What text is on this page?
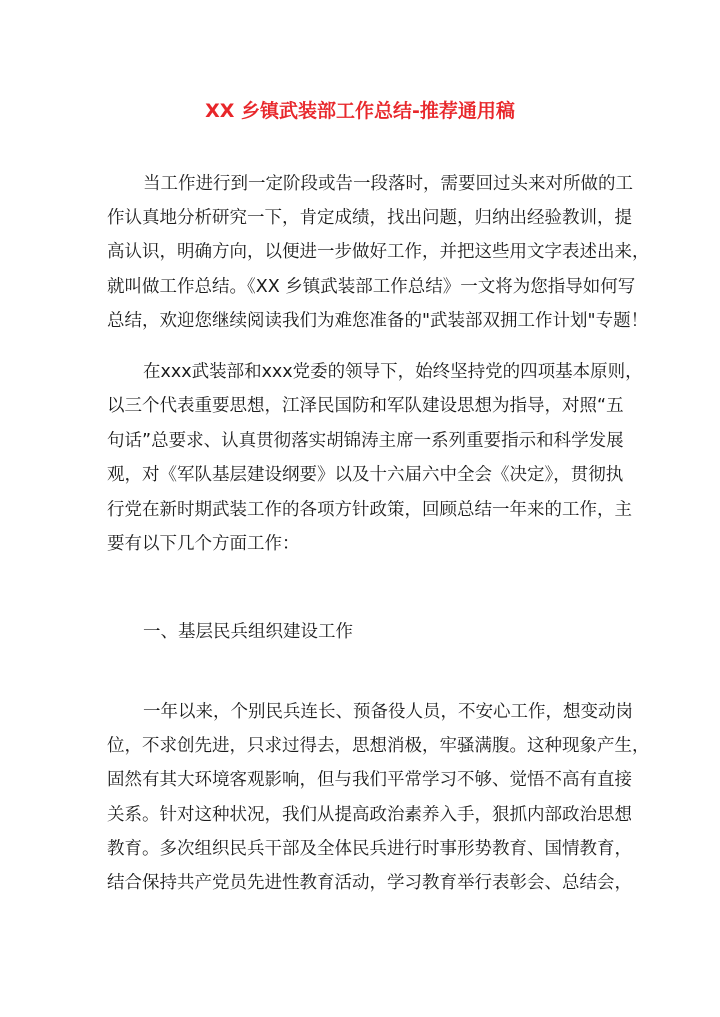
XX 乡镇武装部工作总结-推荐通用稿
当工作进行到一定阶段或告一段落时，需要回过头来对所做的工
作认真地分析研究一下，肯定成绩，找出问题，归纳出经验教训，提
高认识，明确方向，以便进一步做好工作，并把这些用文字表述出来，
就叫做工作总结。《XX 乡镇武装部工作总结》一文将为您指导如何写
总结，欢迎您继续阅读我们为难您准备的"武装部双拥工作计划"专题！
在xxx武装部和xxx党委的领导下，始终坚持党的四项基本原则，
以三个代表重要思想，江泽民国防和军队建设思想为指导，对照“五
句话”总要求、认真贯彻落实胡锦涛主席一系列重要指示和科学发展
观，对《军队基层建设纲要》以及十六届六中全会《决定》，贯彻执
行党在新时期武装工作的各项方针政策，回顾总结一年来的工作，主
要有以下几个方面工作：
一、基层民兵组织建设工作
一年以来，个别民兵连长、预备役人员，不安心工作，想变动岗
位，不求创先进，只求过得去，思想消极，牢骚满腹。这种现象产生，
固然有其大环境客观影响，但与我们平常学习不够、觉悟不高有直接
关系。针对这种状况，我们从提高政治素养入手，狠抓内部政治思想
教育。多次组织民兵干部及全体民兵进行时事形势教育、国情教育，
结合保持共产党员先进性教育活动，学习教育举行表彰会、总结会，
